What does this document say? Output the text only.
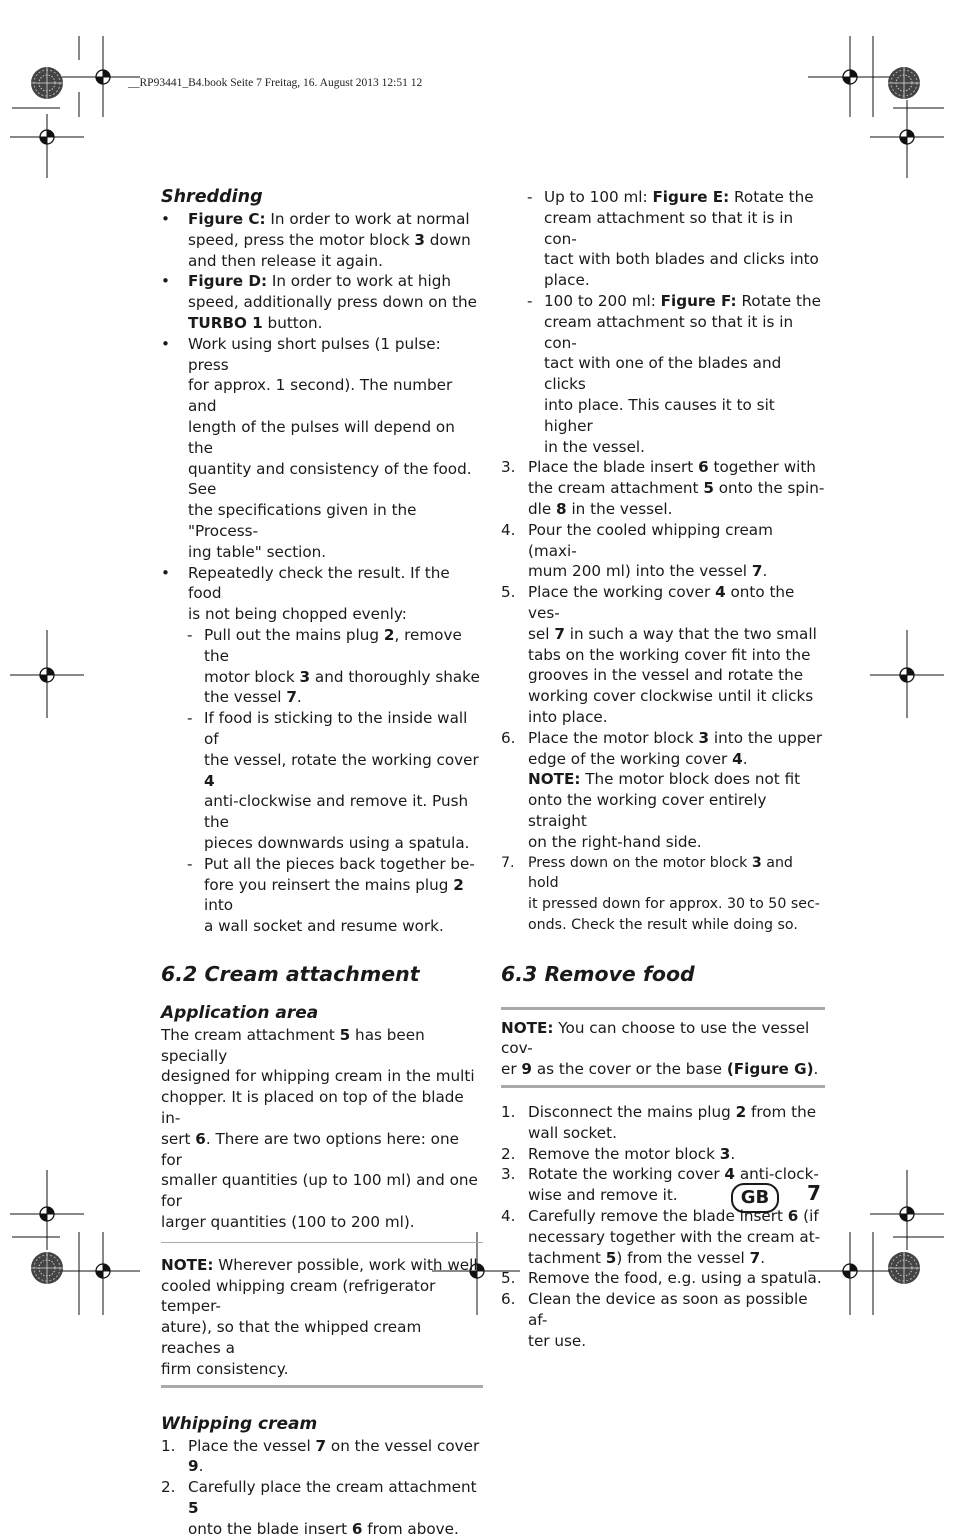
__RP93441_B4.book Seite 7 Freitag, 16. August 2013 12:51 12

Shredding

• Figure C: In order to work at normal

speed, press the motor block 3 down

and then release it again.

• Figure D: In order to work at high

speed, additionally press down on the

TURBO 1 button.

• Work using short pulses (1 pulse: press

for approx. 1 second). The number and

length of the pulses will depend on the

quantity and consistency of the food. See

the specifications given in the "Process-

ing table" section.

• Repeatedly check the result. If the food

is not being chopped evenly:

- Pull out the mains plug 2, remove the

motor block 3 and thoroughly shake

the vessel 7.

- If food is sticking to the inside wall of

the vessel, rotate the working cover 4

anti-clockwise and remove it. Push the

pieces downwards using a spatula.

- Put all the pieces back together be-

fore you reinsert the mains plug 2 into

a wall socket and resume work.

6.2 Cream attachment

Application area

The cream attachment 5 has been specially

designed for whipping cream in the multi

chopper. It is placed on top of the blade in-

sert 6. There are two options here: one for

smaller quantities (up to 100 ml) and one for

larger quantities (100 to 200 ml).

NOTE: Wherever possible, work with well

cooled whipping cream (refrigerator temper-

ature), so that the whipped cream reaches a

firm consistency.

Whipping cream

1. Place the vessel 7 on the vessel cover 9.

2. Carefully place the cream attachment 5

onto the blade insert 6 from above.

- Up to 100 ml: Figure E: Rotate the

cream attachment so that it is in con-

tact with both blades and clicks into

place.

- 100 to 200 ml: Figure F: Rotate the

cream attachment so that it is in con-

tact with one of the blades and clicks

into place. This causes it to sit higher

in the vessel.

3. Place the blade insert 6 together with

the cream attachment 5 onto the spin-

dle 8 in the vessel.

4. Pour the cooled whipping cream (maxi-

mum 200 ml) into the vessel 7.

5. Place the working cover 4 onto the ves-

sel 7 in such a way that the two small

tabs on the working cover fit into the

grooves in the vessel and rotate the

working cover clockwise until it clicks

into place.

6. Place the motor block 3 into the upper

edge of the working cover 4.

NOTE: The motor block does not fit

onto the working cover entirely straight

on the right-hand side.

7. Press down on the motor block 3 and hold

it pressed down for approx. 30 to 50 sec-

onds. Check the result while doing so.

6.3 Remove food

NOTE: You can choose to use the vessel cov-

er 9 as the cover or the base (Figure G).

1. Disconnect the mains plug 2 from the

wall socket.

2. Remove the motor block 3.

3. Rotate the working cover 4 anti-clock-

wise and remove it.

4. Carefully remove the blade insert 6 (if

necessary together with the cream at-

tachment 5) from the vessel 7.

5. Remove the food, e.g. using a spatula.

6. Clean the device as soon as possible af-

ter use.

GB	7
